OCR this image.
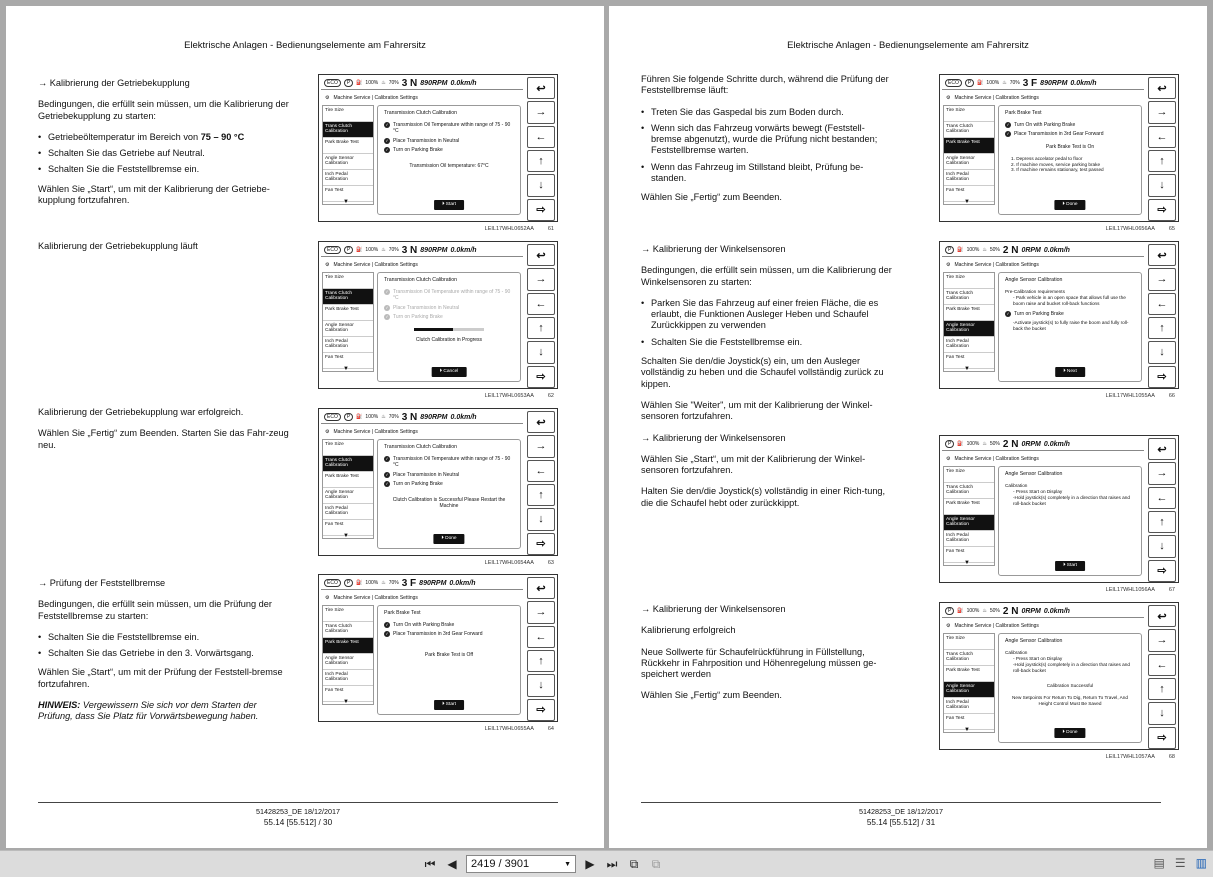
Elektrische Anlagen - Bedienungselemente am Fahrersitz

→ Kalibrierung der Getriebekupplung

Bedingungen, die erfüllt sein müssen, um die Kalibrierung der Getriebekupplung zu starten:

• Getriebeöltemperatur im Bereich von 75 – 90 °C
• Schalten Sie das Getriebe auf Neutral.
• Schalten Sie die Feststellbremse ein.

Wählen Sie „Start“, um mit der Kalibrierung der Getriebe-kupplung fortzufahren.

Kalibrierung der Getriebekupplung läuft

Kalibrierung der Getriebekupplung war erfolgreich.

Wählen Sie „Fertig“ zum Beenden. Starten Sie das Fahr-zeug neu.

→ Prüfung der Feststellbremse

Bedingungen, die erfüllt sein müssen, um die Prüfung der Feststellbremse zu starten:

• Schalten Sie die Feststellbremse ein.
• Schalten Sie das Getriebe in den 3. Vorwärtsgang.

Wählen Sie „Start“, um mit der Prüfung der Feststell-bremse fortzufahren.

HINWEIS: Vergewissern Sie sich vor dem Starten der Prüfung, dass Sie Platz für Vorwärtsbewegung haben.

ECO	P	⛽ 100% ♨ 70% 3 N 890RPM 0.0km/h
⚙ Machine Service | Calibration Settings
Tire Size
Trans Clutch Calibration
Park Brake Test
Angle Sensor Calibration
Inch Pedal Calibration
Fan Test
▼
Transmission Clutch Calibration
✓ Transmission Oil Temperature within range of 75 - 90 °C
✓ Place Transmission in Neutral
✓ Turn on Parking Brake
Transmission Oil temperature: 67°C
⏵ Start
↩
→
←
↑
↓
⇨
LEIL17WHL0652AA	61
ECO	P	⛽ 100% ♨ 70% 3 N 890RPM 0.0km/h
⚙ Machine Service | Calibration Settings
Tire Size
Trans Clutch Calibration
Park Brake Test
Angle Sensor Calibration
Inch Pedal Calibration
Fan Test
▼
Transmission Clutch Calibration
✓ Transmission Oil Temperature within range of 75 - 90 °C
✓ Place Transmission in Neutral
✓ Turn on Parking Brake
Clutch Calibration in Progress
⏵ Cancel
↩
→
←
↑
↓
⇨
LEIL17WHL0653AA	62
ECO	P	⛽ 100% ♨ 70% 3 N 890RPM 0.0km/h
⚙ Machine Service | Calibration Settings
Tire Size
Trans Clutch Calibration
Park Brake Test
Angle Sensor Calibration
Inch Pedal Calibration
Fan Test
▼
Transmission Clutch Calibration
✓ Transmission Oil Temperature within range of 75 - 90 °C
✓ Place Transmission in Neutral
✓ Turn on Parking Brake
Clutch Calibration is Successful Please Restart the Machine
⏵ Done
↩
→
←
↑
↓
⇨
LEIL17WHL0654AA	63
ECO	P	⛽ 100% ♨ 70% 3 F 890RPM 0.0km/h
⚙ Machine Service | Calibration Settings
Tire Size
Trans Clutch Calibration
Park Brake Test
Angle Sensor Calibration
Inch Pedal Calibration
Fan Test
▼
Park Brake Test
✓ Turn On with Parking Brake
✓ Place Transmission in 3rd Gear Forward
Park Brake Test is Off
⏵ Start
↩
→
←
↑
↓
⇨
LEIL17WHL0655AA	64
51428253_DE 18/12/2017
55.14 [55.512] / 30
Elektrische Anlagen - Bedienungselemente am Fahrersitz

Führen Sie folgende Schritte durch, während die Prüfung der Feststellbremse läuft:

• Treten Sie das Gaspedal bis zum Boden durch.
• Wenn sich das Fahrzeug vorwärts bewegt (Feststell-bremse abgenutzt), wurde die Prüfung nicht bestanden; Feststellbremse warten.
• Wenn das Fahrzeug im Stillstand bleibt, Prüfung be-standen.

Wählen Sie „Fertig“ zum Beenden.

→ Kalibrierung der Winkelsensoren

Bedingungen, die erfüllt sein müssen, um die Kalibrierung der Winkelsensoren zu starten:

• Parken Sie das Fahrzeug auf einer freien Fläche, die es erlaubt, die Funktionen Ausleger Heben und Schaufel Zurückkippen zu verwenden
• Schalten Sie die Feststellbremse ein.

Schalten Sie den/die Joystick(s) ein, um den Ausleger vollständig zu heben und die Schaufel vollständig zurück zu kippen.

Wählen Sie "Weiter", um mit der Kalibrierung der Winkel-sensoren fortzufahren.

→ Kalibrierung der Winkelsensoren

Wählen Sie „Start“, um mit der Kalibrierung der Winkel-sensoren fortzufahren.

Halten Sie den/die Joystick(s) vollständig in einer Rich-tung, die die Schaufel hebt oder zurückkippt.

→ Kalibrierung der Winkelsensoren

Kalibrierung erfolgreich

Neue Sollwerte für Schaufelrückführung in Füllstellung, Rückkehr in Fahrposition und Höhenregelung müssen ge-speichert werden

Wählen Sie „Fertig“ zum Beenden.

ECO	P	⛽ 100% ♨ 70% 3 F 890RPM 0.0km/h
⚙ Machine Service | Calibration Settings
Tire Size
Trans Clutch Calibration
Park Brake Test
Angle Sensor Calibration
Inch Pedal Calibration
Fan Test
▼
Park Brake Test
✓ Turn On with Parking Brake
✓ Place Transmission in 3rd Gear Forward
Park Brake Test is On
1. Depress accelator pedal to floor
2. If machine moves, service parking brake
3. If machine remains stationary, test passed
⏵ Done
↩
→
←
↑
↓
⇨
LEIL17WHL0656AA	65
P	⛽ 100% ♨ 50% 2 N 0RPM 0.0km/h
⚙ Machine Service | Calibration Settings
Tire Size
Trans Clutch Calibration
Park Brake Test
Angle Sensor Calibration
Inch Pedal Calibration
Fan Test
▼
Angle Sensor Calibration
Pre-Calibration requirements
- Park vehicle in an open space that allows full use the boom raise and bucket roll-back functions
✓ Turn on Parking Brake
-Activate joystick(s) to fully raise the boom and fully roll-back the bucket
⏵ Next
↩
→
←
↑
↓
⇨
LEIL17WHL1055AA	66
P	⛽ 100% ♨ 50% 2 N 0RPM 0.0km/h
⚙ Machine Service | Calibration Settings
Tire Size
Trans Clutch Calibration
Park Brake Test
Angle Sensor Calibration
Inch Pedal Calibration
Fan Test
▼
Angle Sensor Calibration
Calibration
- Press Start on Display
-Hold joystick(s) completely in a direction that raises and roll-back bucket
⏵ Start
↩
→
←
↑
↓
⇨
LEIL17WHL1056AA	67
P	⛽ 100% ♨ 50% 2 N 0RPM 0.0km/h
⚙ Machine Service | Calibration Settings
Tire Size
Trans Clutch Calibration
Park Brake Test
Angle Sensor Calibration
Inch Pedal Calibration
Fan Test
▼
Angle Sensor Calibration
Calibration
- Press Start on Display
-Hold joystick(s) completely in a direction that raises and roll-back bucket
Calibration Successful
New Setpoints For Return To Dig, Return To Travel, And Height Control Must Be Saved
⏵ Done
↩
→
←
↑
↓
⇨
LEIL17WHL1057AA	68
51428253_DE 18/12/2017
55.14 [55.512] / 31
⏮ ◀	2419 / 3901	▼ ▶ ⏭	⧉	⧉	▤ ☰ ▥
